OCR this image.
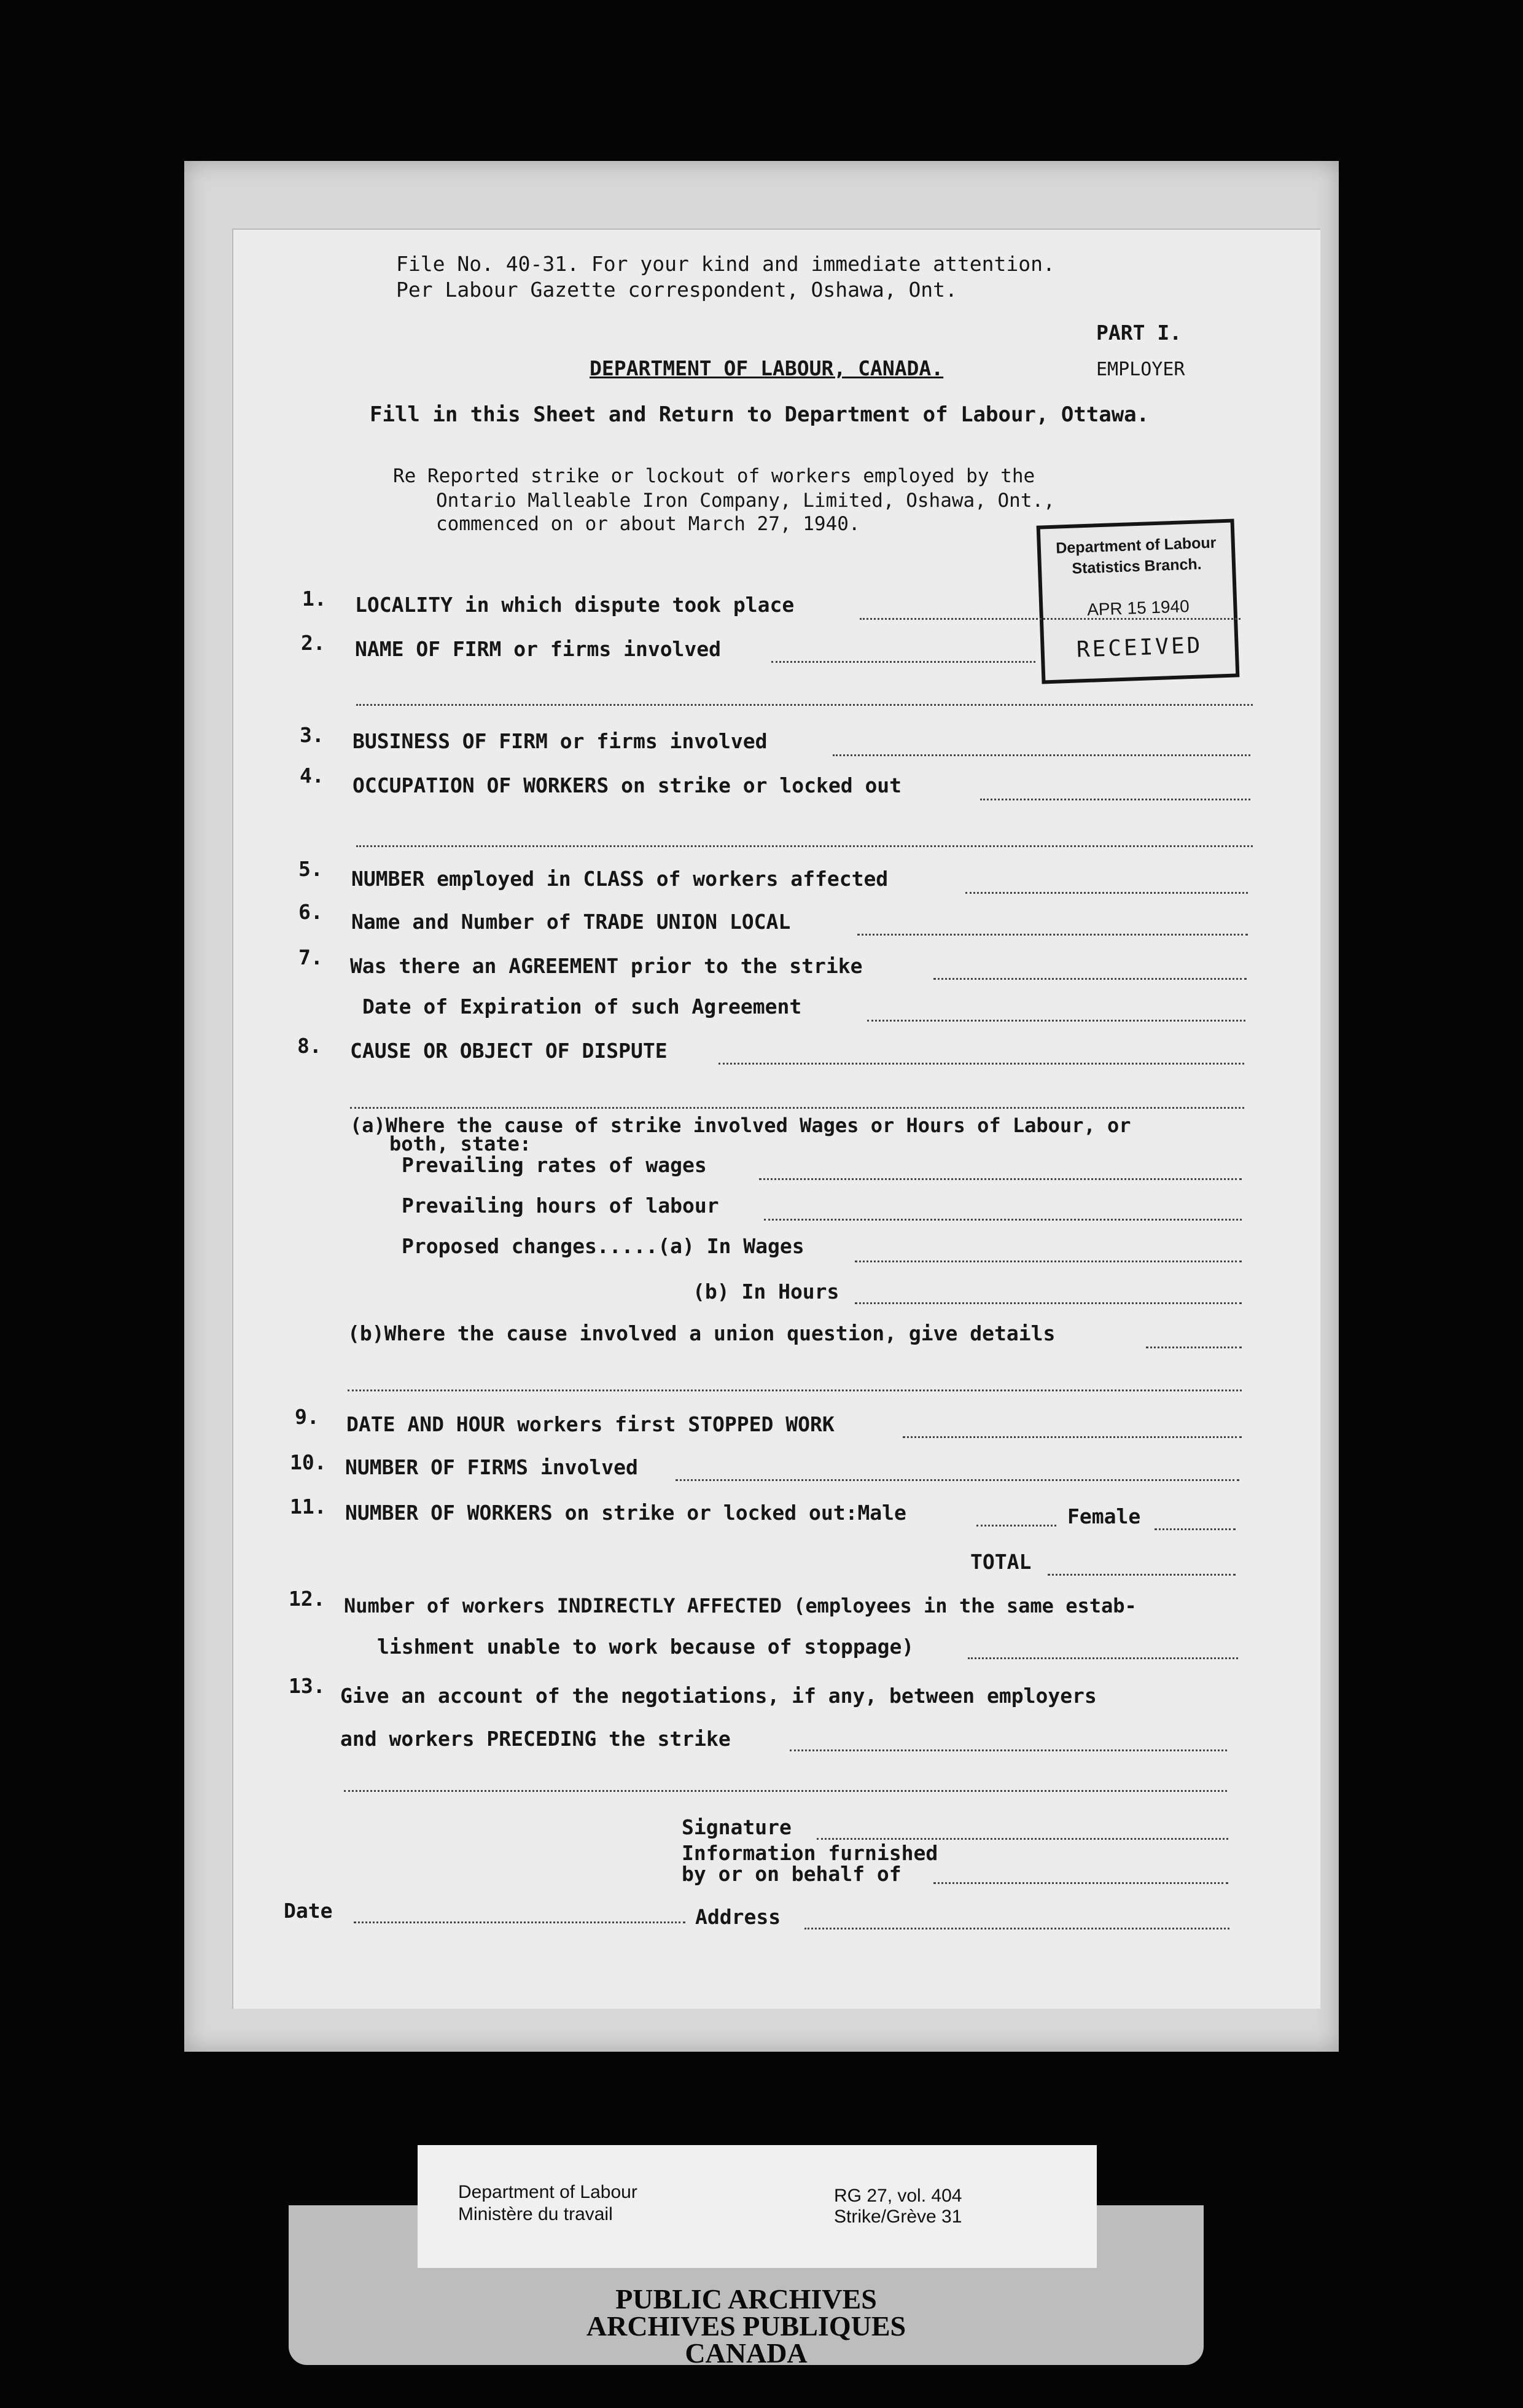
File No. 40-31. For your kind and immediate attention.
Per Labour Gazette correspondent, Oshawa, Ont.
PART I.
EMPLOYER
DEPARTMENT OF LABOUR, CANADA.
Fill in this Sheet and Return to Department of Labour, Ottawa.
Re Reported strike or lockout of workers employed by the
Ontario Malleable Iron Company, Limited, Oshawa, Ont.,
commenced on or about March 27, 1940.
Department of Labour
Statistics Branch.
APR 15 1940
RECEIVED
1. LOCALITY in which dispute took place
2. NAME OF FIRM or firms involved
3. BUSINESS OF FIRM or firms involved
4. OCCUPATION OF WORKERS on strike or locked out
5. NUMBER employed in CLASS of workers affected
6. Name and Number of TRADE UNION LOCAL
7. Was there an AGREEMENT prior to the strike
Date of Expiration of such Agreement
8. CAUSE OR OBJECT OF DISPUTE
(a)Where the cause of strike involved Wages or Hours of Labour, or
both, state:
Prevailing rates of wages
Prevailing hours of labour
Proposed changes.....(a) In Wages
(b) In Hours
(b)Where the cause involved a union question, give details
9. DATE AND HOUR workers first STOPPED WORK
10. NUMBER OF FIRMS involved
11. NUMBER OF WORKERS on strike or locked out:Male	Female
TOTAL
12. Number of workers INDIRECTLY AFFECTED (employees in the same estab-
lishment unable to work because of stoppage)
13. Give an account of the negotiations, if any, between employers
and workers PRECEDING the strike
Signature
Information furnished
by or on behalf of
Date	Address
Department of Labour
Ministère du travail
RG 27, vol. 404
Strike/Grève 31
PUBLIC ARCHIVES
ARCHIVES PUBLIQUES
CANADA
